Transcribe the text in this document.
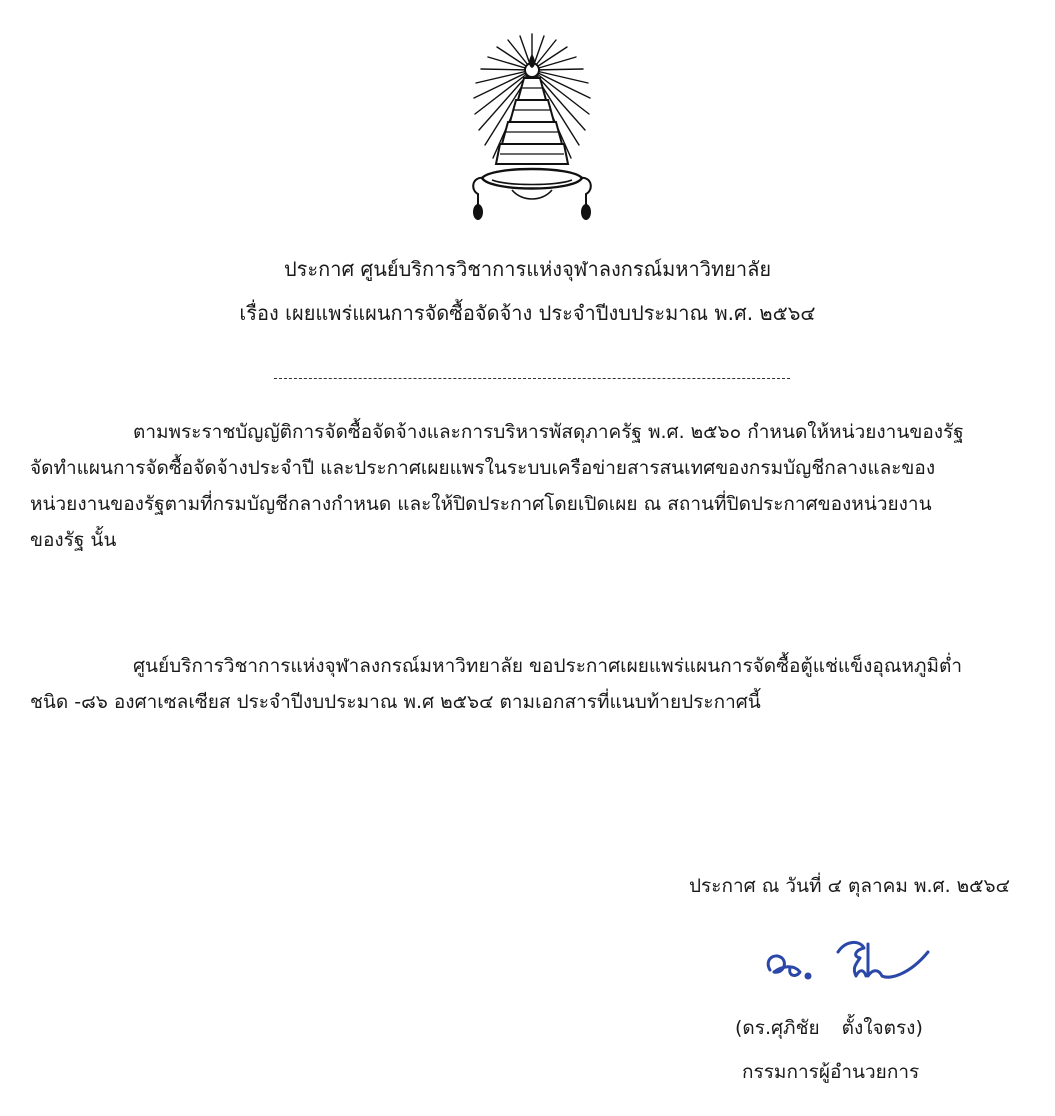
ประกาศ ศูนย์บริการวิชาการแห่งจุฬาลงกรณ์มหาวิทยาลัย
เรื่อง เผยแพร่แผนการจัดซื้อจัดจ้าง ประจำปีงบประมาณ พ.ศ. ๒๕๖๔
ตามพระราชบัญญัติการจัดซื้อจัดจ้างและการบริหารพัสดุภาครัฐ พ.ศ. ๒๕๖๐ กำหนดให้หน่วยงานของรัฐ
จัดทำแผนการจัดซื้อจัดจ้างประจำปี และประกาศเผยแพรในระบบเครือข่ายสารสนเทศของกรมบัญชีกลางและของ
หน่วยงานของรัฐตามที่กรมบัญชีกลางกำหนด และให้ปิดประกาศโดยเปิดเผย ณ สถานที่ปิดประกาศของหน่วยงาน
ของรัฐ นั้น
ศูนย์บริการวิชาการแห่งจุฬาลงกรณ์มหาวิทยาลัย ขอประกาศเผยแพร่แผนการจัดซื้อตู้แช่แข็งอุณหภูมิต่ำ
ชนิด -๘๖ องศาเซลเซียส ประจำปีงบประมาณ พ.ศ ๒๕๖๔ ตามเอกสารที่แนบท้ายประกาศนี้
ประกาศ ณ วันที่ ๔ ตุลาคม พ.ศ. ๒๕๖๔
(ดร.ศุภิชัย ตั้งใจตรง)
กรรมการผู้อำนวยการ
